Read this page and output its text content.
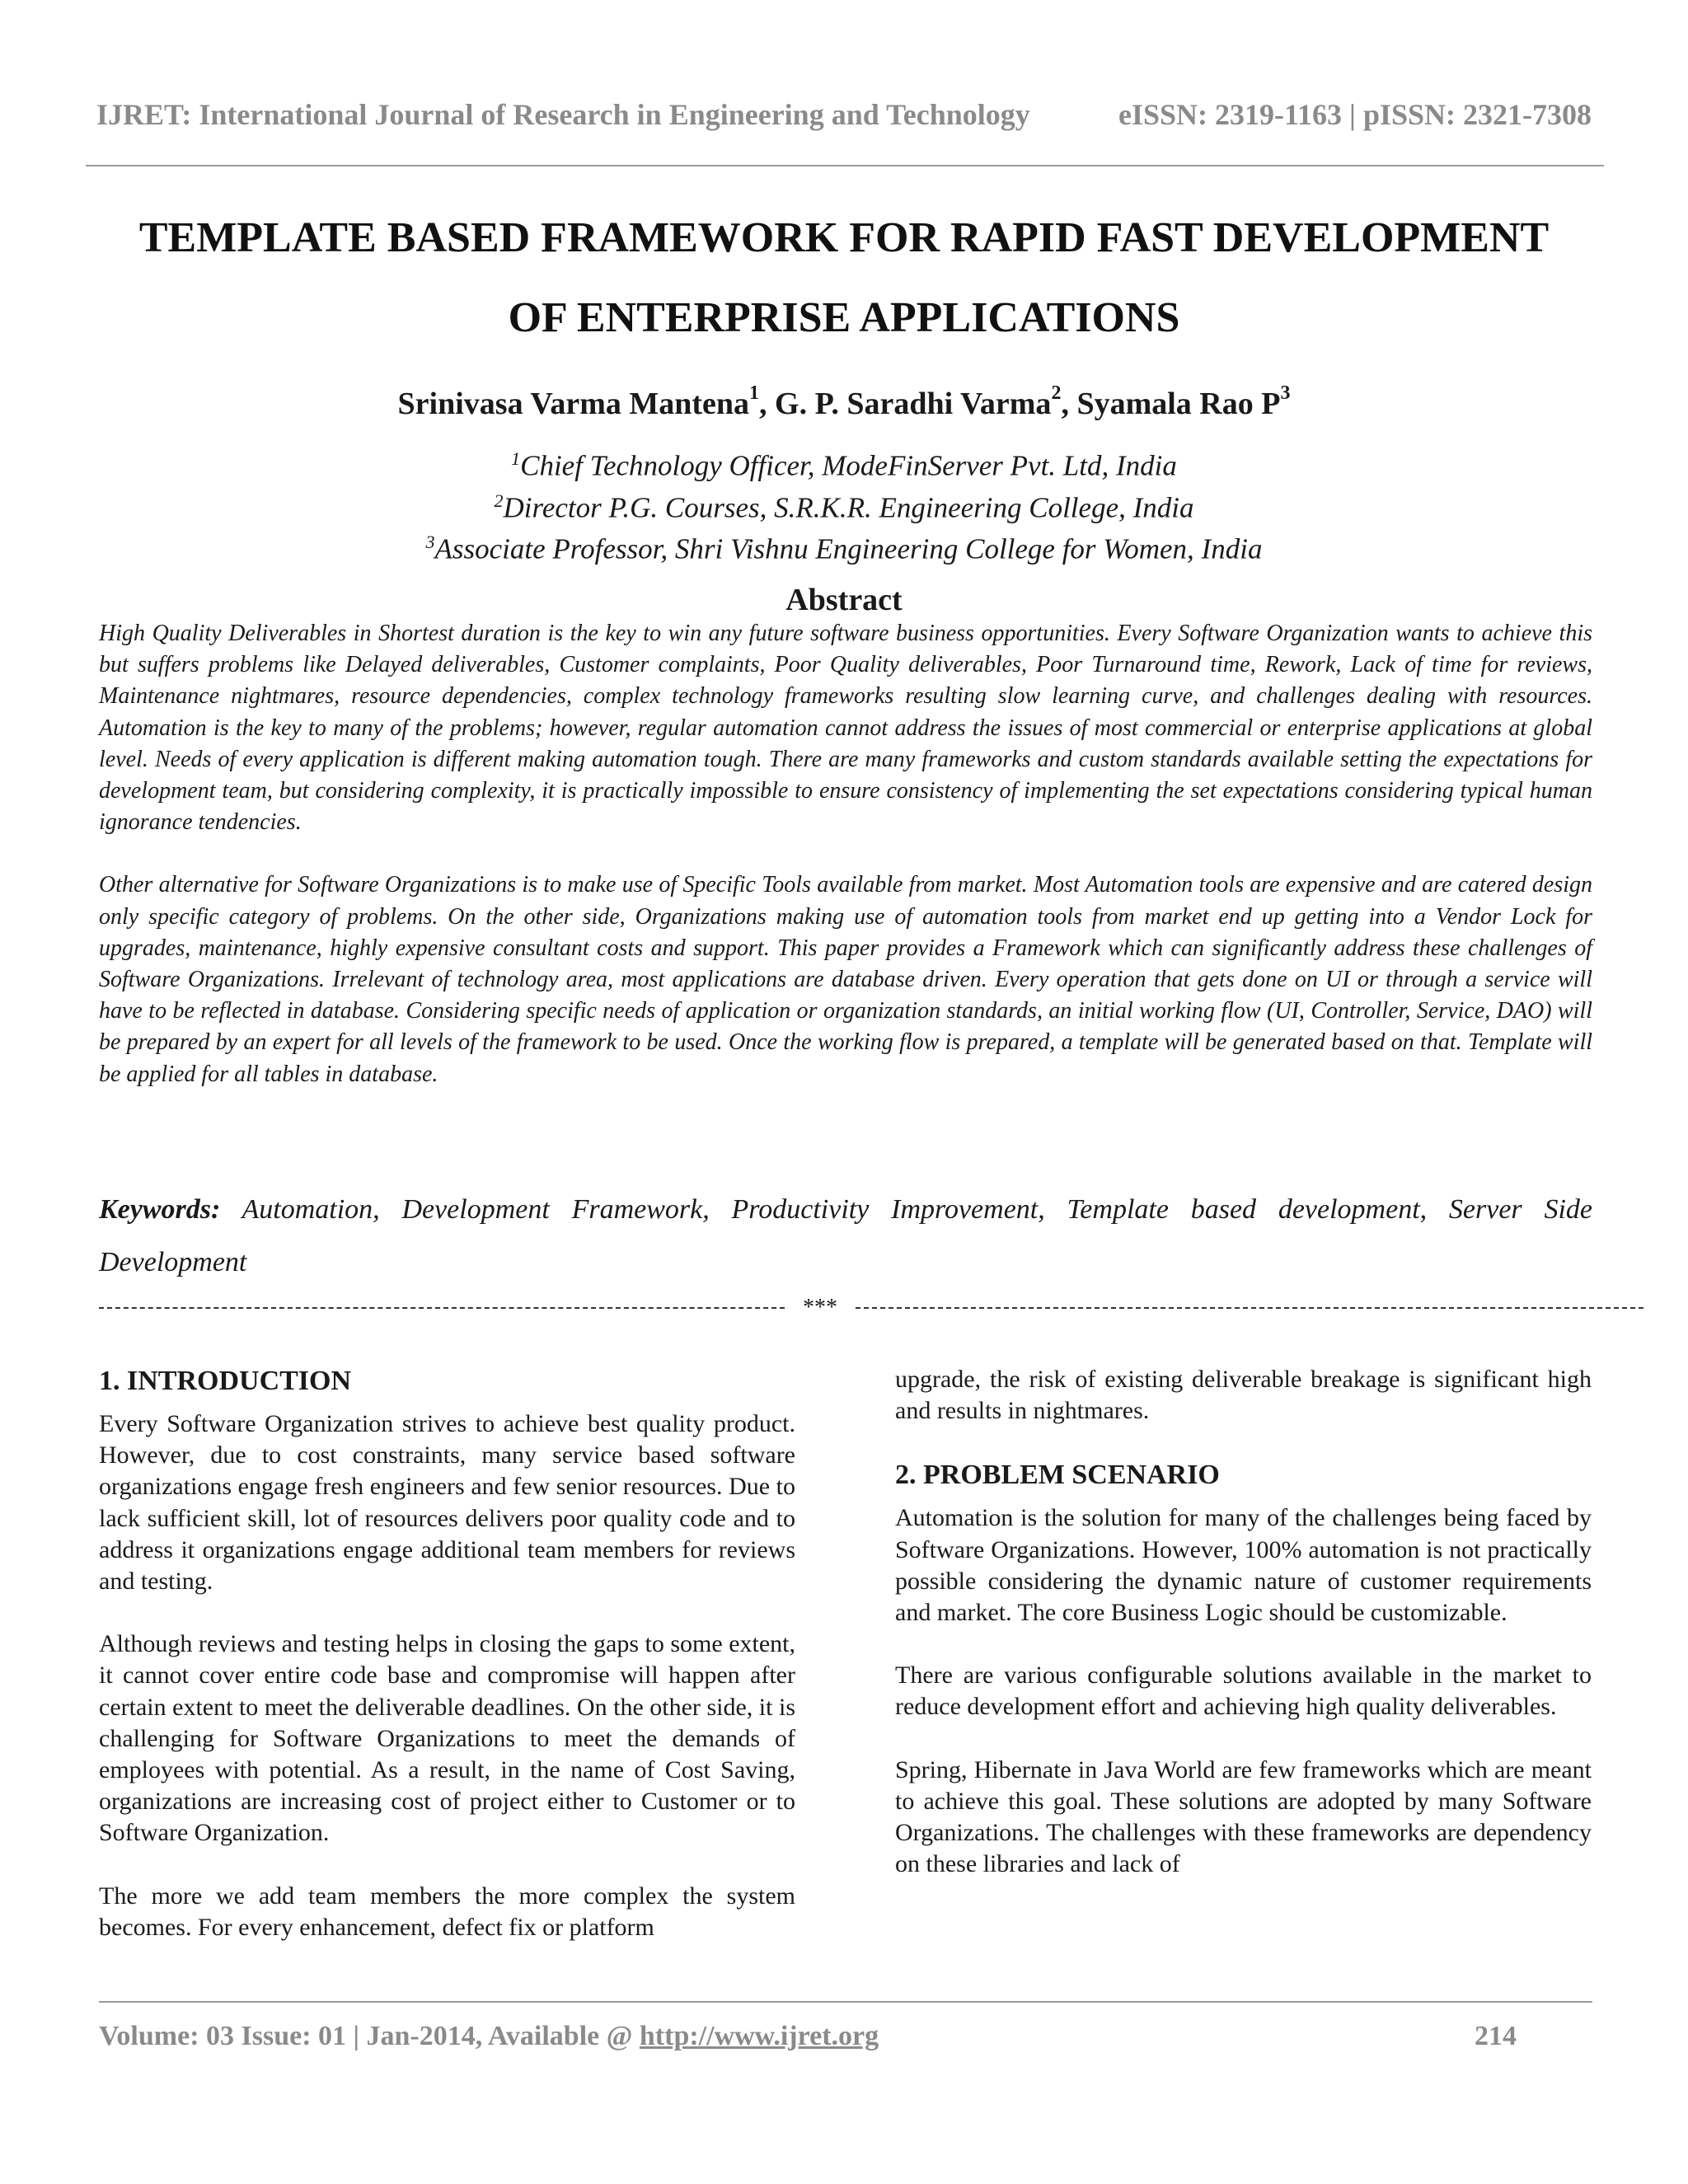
IJRET: International Journal of Research in Engineering and Technology	eISSN: 2319-1163 | pISSN: 2321-7308
TEMPLATE BASED FRAMEWORK FOR RAPID FAST DEVELOPMENT
OF ENTERPRISE APPLICATIONS
Srinivasa Varma Mantena$^1$, G. P. Saradhi Varma$^2$, Syamala Rao $P^3$
$^1$Chief Technology Officer, ModeFinServer Pvt. Ltd, India
$^2$Director P.G. Courses, S.R.K.R. Engineering College, India
$^3$Associate Professor, Shri Vishnu Engineering College for Women, India
Abstract

High Quality Deliverables in Shortest duration is the key to win any future software business opportunities. Every Software Organization wants to achieve this but suffers problems like Delayed deliverables, Customer complaints, Poor Quality deliverables, Poor Turnaround time, Rework, Lack of time for reviews, Maintenance nightmares, resource dependencies, complex technology frameworks resulting slow learning curve, and challenges dealing with resources. Automation is the key to many of the problems; however, regular automation cannot address the issues of most commercial or enterprise applications at global level. Needs of every application is different making automation tough. There are many frameworks and custom standards available setting the expectations for development team, but considering complexity, it is practically impossible to ensure consistency of implementing the set expectations considering typical human ignorance tendencies.

Other alternative for Software Organizations is to make use of Specific Tools available from market. Most Automation tools are expensive and are catered design only specific category of problems. On the other side, Organizations making use of automation tools from market end up getting into a Vendor Lock for upgrades, maintenance, highly expensive consultant costs and support. This paper provides a Framework which can significantly address these challenges of Software Organizations. Irrelevant of technology area, most applications are database driven. Every operation that gets done on UI or through a service will have to be reflected in database. Considering specific needs of application or organization standards, an initial working flow (UI, Controller, Service, DAO) will be prepared by an expert for all levels of the framework to be used. Once the working flow is prepared, a template will be generated based on that. Template will be applied for all tables in database.

Keywords: Automation, Development Framework, Productivity Improvement, Template based development, Server Side Development
***
1. INTRODUCTION

Every Software Organization strives to achieve best quality product. However, due to cost constraints, many service based software organizations engage fresh engineers and few senior resources. Due to lack sufficient skill, lot of resources delivers poor quality code and to address it organizations engage additional team members for reviews and testing.

Although reviews and testing helps in closing the gaps to some extent, it cannot cover entire code base and compromise will happen after certain extent to meet the deliverable deadlines. On the other side, it is challenging for Software Organizations to meet the demands of employees with potential. As a result, in the name of Cost Saving, organizations are increasing cost of project either to Customer or to Software Organization.

The more we add team members the more complex the system becomes. For every enhancement, defect fix or platform

upgrade, the risk of existing deliverable breakage is significant high and results in nightmares.

2. PROBLEM SCENARIO

Automation is the solution for many of the challenges being faced by Software Organizations. However, 100% automation is not practically possible considering the dynamic nature of customer requirements and market. The core Business Logic should be customizable.

There are various configurable solutions available in the market to reduce development effort and achieving high quality deliverables.

Spring, Hibernate in Java World are few frameworks which are meant to achieve this goal. These solutions are adopted by many Software Organizations. The challenges with these frameworks are dependency on these libraries and lack of

Volume: 03 Issue: 01 | Jan-2014, Available @ http://www.ijret.org	214
